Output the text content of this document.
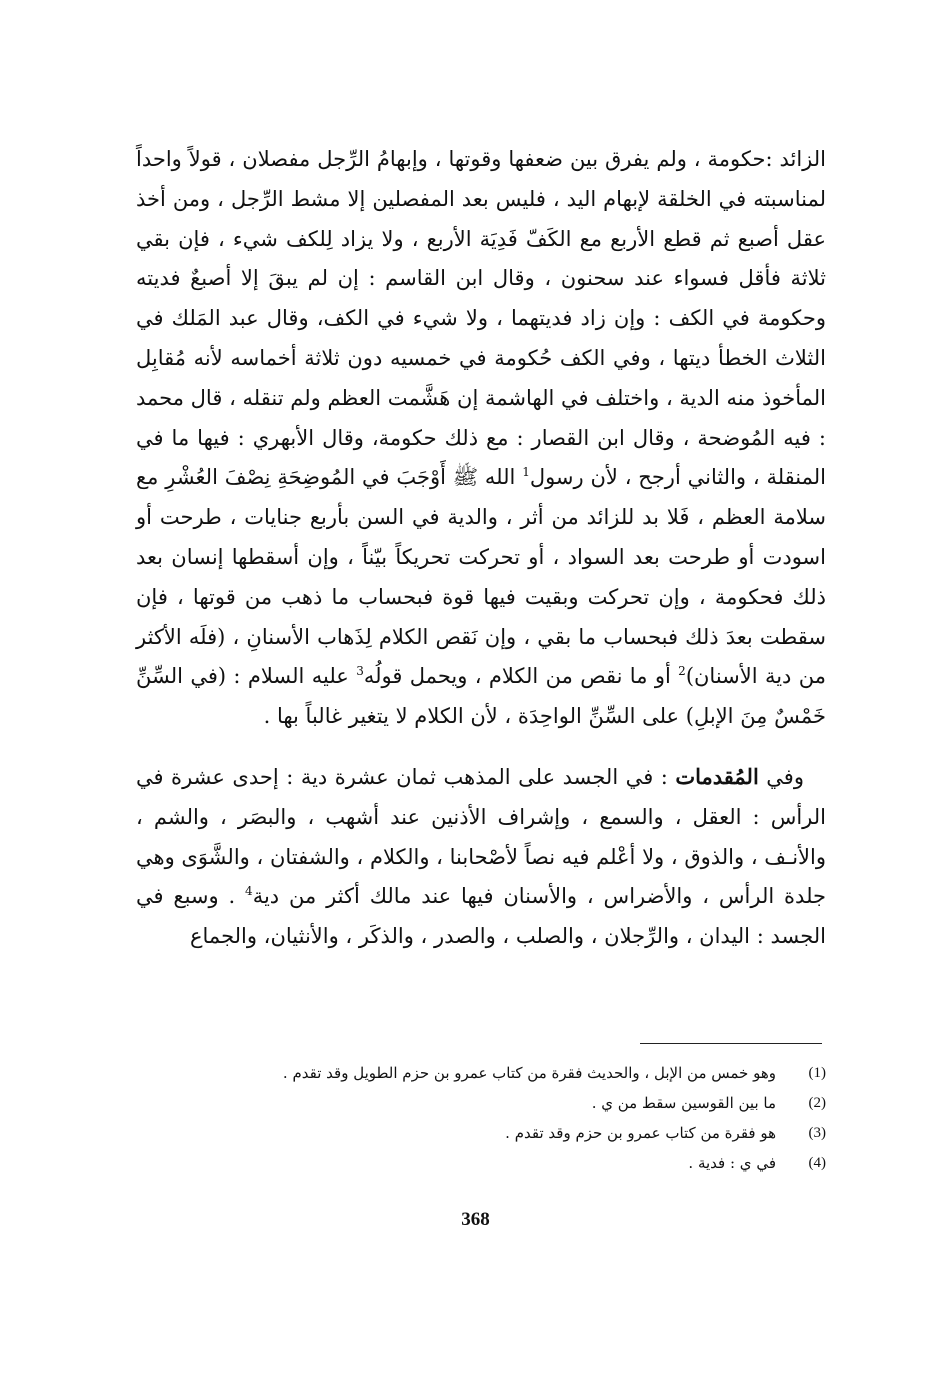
الزائد :حكومة ، ولم يفرق بين ضعفها وقوتها ، وإبهامُ الرِّجل مفصلان ، قولاً واحداً لمناسبته في الخلقة لإبهام اليد ، فليس بعد المفصلين إلا مشط الرِّجل ، ومن أخذ عقل أصبع ثم قطع الأربع مع الكَفّ فَدِيَة الأربع ، ولا يزاد لِلكف شيء ، فإن بقي ثلاثة فأقل فسواء عند سحنون ، وقال ابن القاسم : إن لم يبقَ إلا أصبعٌ فديته وحكومة في الكف : وإن زاد فديتهما ، ولا شيء في الكف، وقال عبد المَلك في الثلاث الخطأ ديتها ، وفي الكف حُكومة في خمسيه دون ثلاثة أخماسه لأنه مُقابِل المأخوذ منه الدية ، واختلف في الهاشمة إن هَشَّمت العظم ولم تنقله ، قال محمد : فيه المُوضحة ، وقال ابن القصار : مع ذلك حكومة، وقال الأبهري : فيها ما في المنقلة ، والثاني أرجح ، لأن رسول$^1$ الله ﷺ أَوْجَبَ في المُوضِحَةِ نِصْفَ العُشْرِ مع سلامة العظم ، فَلا بد للزائد من أثر ، والدية في السن بأربع جنايات ، طرحت أو اسودت أو طرحت بعد السواد ، أو تحركت تحريكاً بيّناً ، وإن أسقطها إنسان بعد ذلك فحكومة ، وإن تحركت وبقيت فيها قوة فبحساب ما ذهب من قوتها ، فإن سقطت بعدَ ذلك فبحساب ما بقي ، وإن نَقص الكلام لِذَهاب الأسنانِ ، (فلَه الأكثر من دية الأسنان)$^2$ أو ما نقص من الكلام ، ويحمل قولُه$^3$ عليه السلام : (في السِّنِّ خَمْسٌ مِنَ الإبلِ) على السِّنِّ الواحِدَة ، لأن الكلام لا يتغير غالباً بها .

وفي المُقدمات : في الجسد على المذهب ثمان عشرة دية : إحدى عشرة في الرأس : العقل ، والسمع ، وإشراف الأذنين عند أشهب ، والبصَر ، والشم ، والأنـف ، والذوق ، ولا أعْلم فيه نصاً لأصْحابنا ، والكلام ، والشفتان ، والشَّوَى وهي جلدة الرأس ، والأضراس ، والأسنان فيها عند مالك أكثر من دية$^4$ . وسبع في الجسد : اليدان ، والرِّجلان ، والصلب ، والصدر ، والذكَر ، والأنثيان، والجماع

(1)
وهو خمس من الإبل ، والحديث فقرة من كتاب عمرو بن حزم الطويل وقد تقدم .
(2)
ما بين القوسين سقط من ي .
(3)
هو فقرة من كتاب عمرو بن حزم وقد تقدم .
(4)
في ي : فدية .
368
